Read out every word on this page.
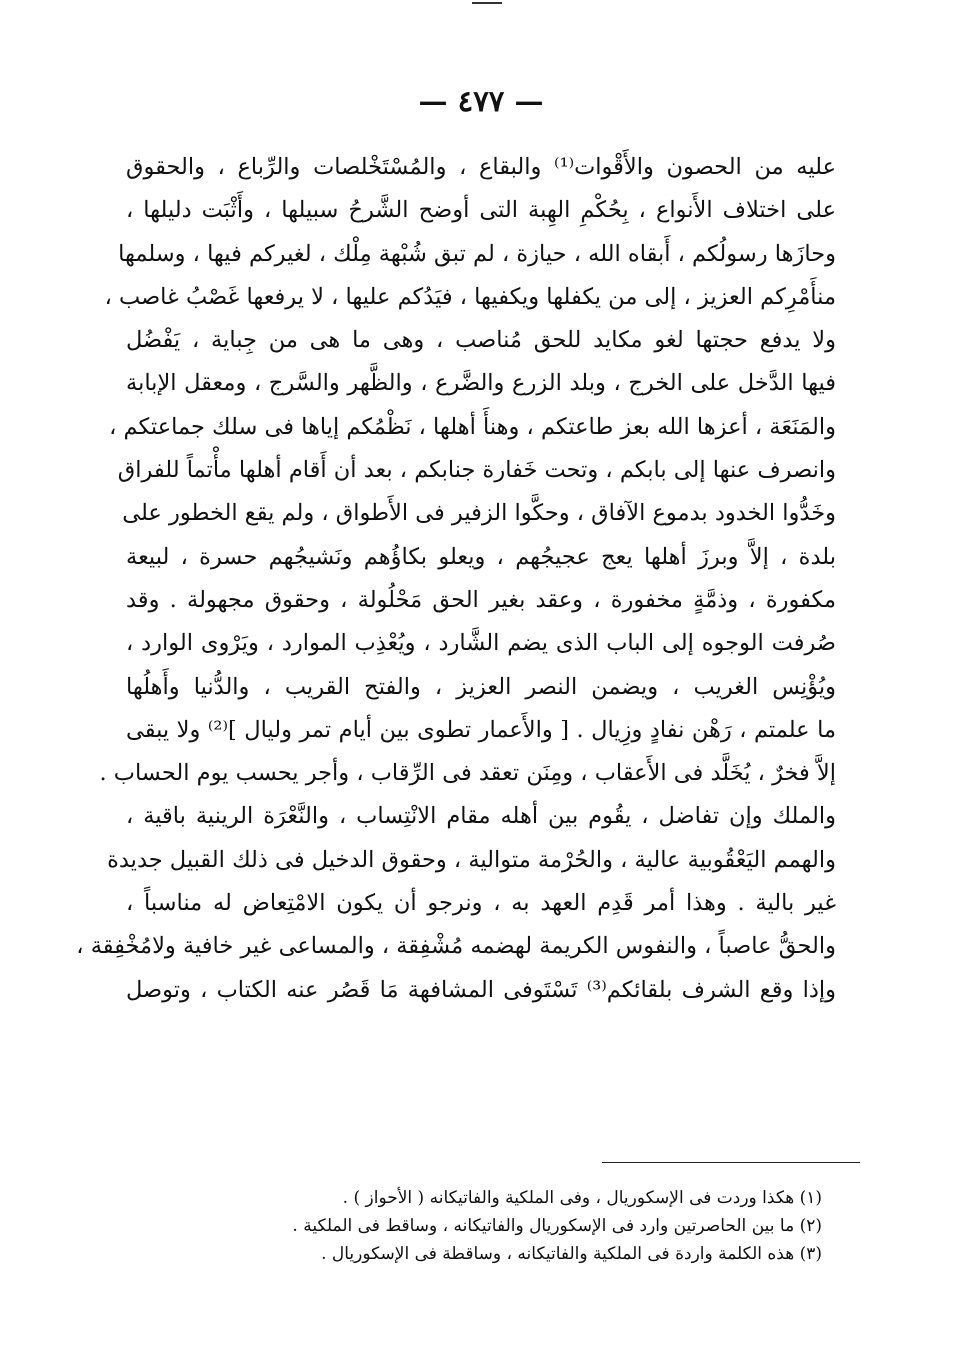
— ٤٧٧ —
عليه من الحصون والأَقْوات⁽¹⁾ والبقاع ، والمُسْتَخْلصات والرِّباع ، والحقوق
على اختلاف الأَنواع ، بِحُكْمِ الهِبة التى أوضح الشَّرحُ سبيلها ، وأَثْبَت دليلها ،
وحازَها رسولُكم ، أَبقاه الله ، حيازة ، لم تبق شُبْهة مِلْك ، لغيركم فيها ، وسلمها
منأَمْرِكم العزيز ، إلى من يكفلها ويكفيها ، فيَدُكم عليها ، لا يرفعها غَصْبُ غاصب ،
ولا يدفع حجتها لغو مكايد للحق مُناصب ، وهى ما هى من جِباية ، يَفْضُل
فيها الدَّخل على الخرج ، وبلد الزرع والضَّرع ، والظَّهر والسَّرج ، ومعقل الإبابة
والمَنَعَة ، أعزها الله بعز طاعتكم ، وهنأَ أهلها ، نَظْمُكم إياها فى سلك جماعتكم ،
وانصرف عنها إلى بابكم ، وتحت خَفارة جنابكم ، بعد أن أَقام أهلها مأْتماً للفراق
وخَدُّوا الخدود بدموع الآفاق ، وحكَّوا الزفير فى الأَطواق ، ولم يقع الخطور على
بلدة ، إلاَّ وبرزَ أهلها يعج عجيجُهم ، ويعلو بكاؤُهم ونَشيجُهم حسرة ، لبيعة
مكفورة ، وذمَّةٍ مخفورة ، وعقد بغير الحق مَحْلُولة ، وحقوق مجهولة . وقد
صُرفت الوجوه إلى الباب الذى يضم الشَّارد ، ويُعْذِب الموارد ، ويَرْوى الوارد ،
ويُؤْنِس الغريب ، ويضمن النصر العزيز ، والفتح القريب ، والدُّنيا وأَهلُها
ما علمتم ، رَهْن نفادٍ وزِيال . [ والأَعمار تطوى بين أيام تمر وليال ]⁽²⁾ ولا يبقى
إلاَّ فخرٌ ، يُخَلَّد فى الأَعقاب ، ومِنَن تعقد فى الرِّقاب ، وأجر يحسب يوم الحساب .
والملك وإن تفاضل ، يقُوم بين أهله مقام الانْتِساب ، والنَّعْرَة الرينية باقية ،
والهمم اليَعْقُوبية عالية ، والحُرْمة متوالية ، وحقوق الدخيل فى ذلك القبيل جديدة
غير بالية . وهذا أمر قَدِم العهد به ، ونرجو أن يكون الامْتِعاض له مناسباً ،
والحقُّ عاصباً ، والنفوس الكريمة لهضمه مُشْفِقة ، والمساعى غير خافية ولامُخْفِقة ،
وإذا وقع الشرف بلقائكم⁽³⁾ تَسْتَوفى المشافهة مَا قَصُر عنه الكتاب ، وتوصل
(١) هكذا وردت فى الإسكوريال ، وفى الملكية والفاتيكانه ( الأحواز ) .
(٢) ما بين الحاصرتين وارد فى الإسكوريال والفاتيكانه ، وساقط فى الملكية .
(٣) هذه الكلمة واردة فى الملكية والفاتيكانه ، وساقطة فى الإسكوريال .
